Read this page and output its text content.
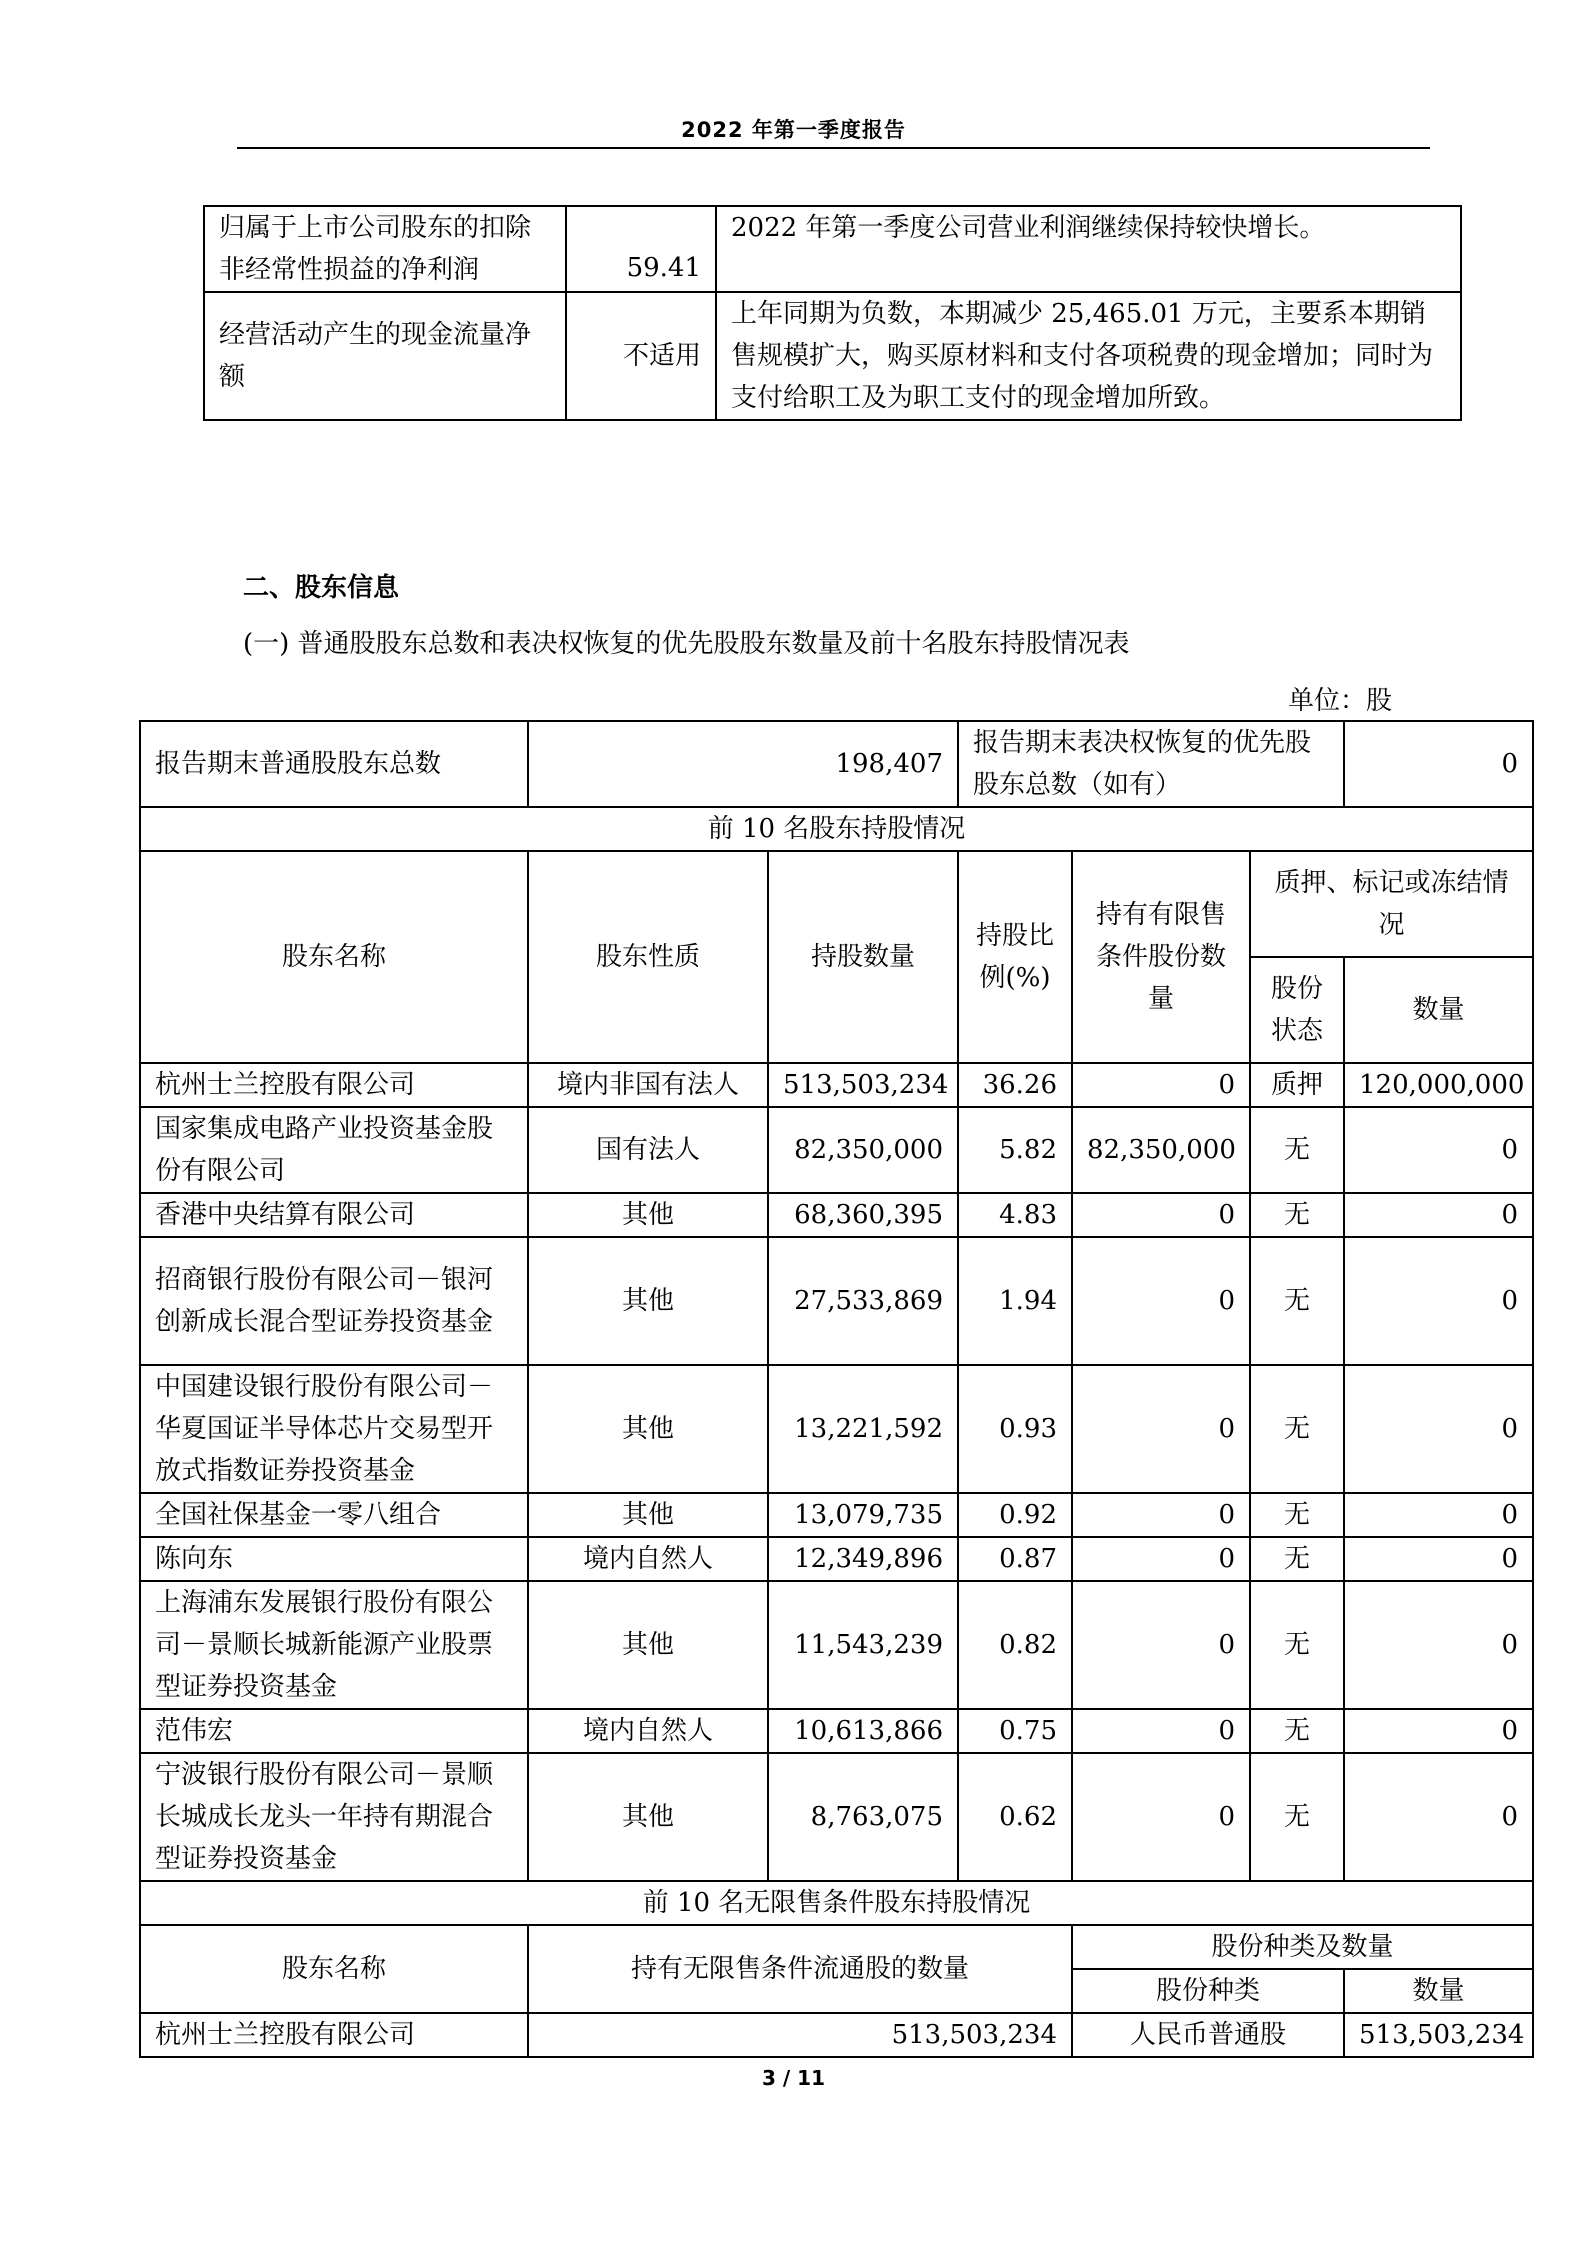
2022 年第一季度报告
归属于上市公司股东的扣除非经常性损益的净利润	59.41	2022 年第一季度公司营业利润继续保持较快增长。
经营活动产生的现金流量净额	不适用	上年同期为负数，本期减少 25,465.01 万元，主要系本期销售规模扩大，购买原材料和支付各项税费的现金增加；同时为支付给职工及为职工支付的现金增加所致。
二、股东信息
(一) 普通股股东总数和表决权恢复的优先股股东数量及前十名股东持股情况表
单位：股
报告期末普通股股东总数	198,407		报告期末表决权恢复的优先股股东总数（如有）			0
前 10 名股东持股情况						
股东名称	股东性质	持股数量	持股比例(%)	持有有限售条件股份数量	质押、标记或冻结情况	
					股份状态	数量
杭州士兰控股有限公司	境内非国有法人	513,503,234	36.26	0	质押	120,000,000
国家集成电路产业投资基金股份有限公司	国有法人	82,350,000	5.82	82,350,000	无	0
香港中央结算有限公司	其他	68,360,395	4.83	0	无	0
招商银行股份有限公司－银河创新成长混合型证券投资基金	其他	27,533,869	1.94	0	无	0
中国建设银行股份有限公司－华夏国证半导体芯片交易型开放式指数证券投资基金	其他	13,221,592	0.93	0	无	0
全国社保基金一零八组合	其他	13,079,735	0.92	0	无	0
陈向东	境内自然人	12,349,896	0.87	0	无	0
上海浦东发展银行股份有限公司－景顺长城新能源产业股票型证券投资基金	其他	11,543,239	0.82	0	无	0
范伟宏	境内自然人	10,613,866	0.75	0	无	0
宁波银行股份有限公司－景顺长城成长龙头一年持有期混合型证券投资基金	其他	8,763,075	0.62	0	无	0
前 10 名无限售条件股东持股情况						
股东名称	持有无限售条件流通股的数量			股份种类及数量		
				股份种类		数量
杭州士兰控股有限公司	513,503,234			人民币普通股		513,503,234
3 / 11
